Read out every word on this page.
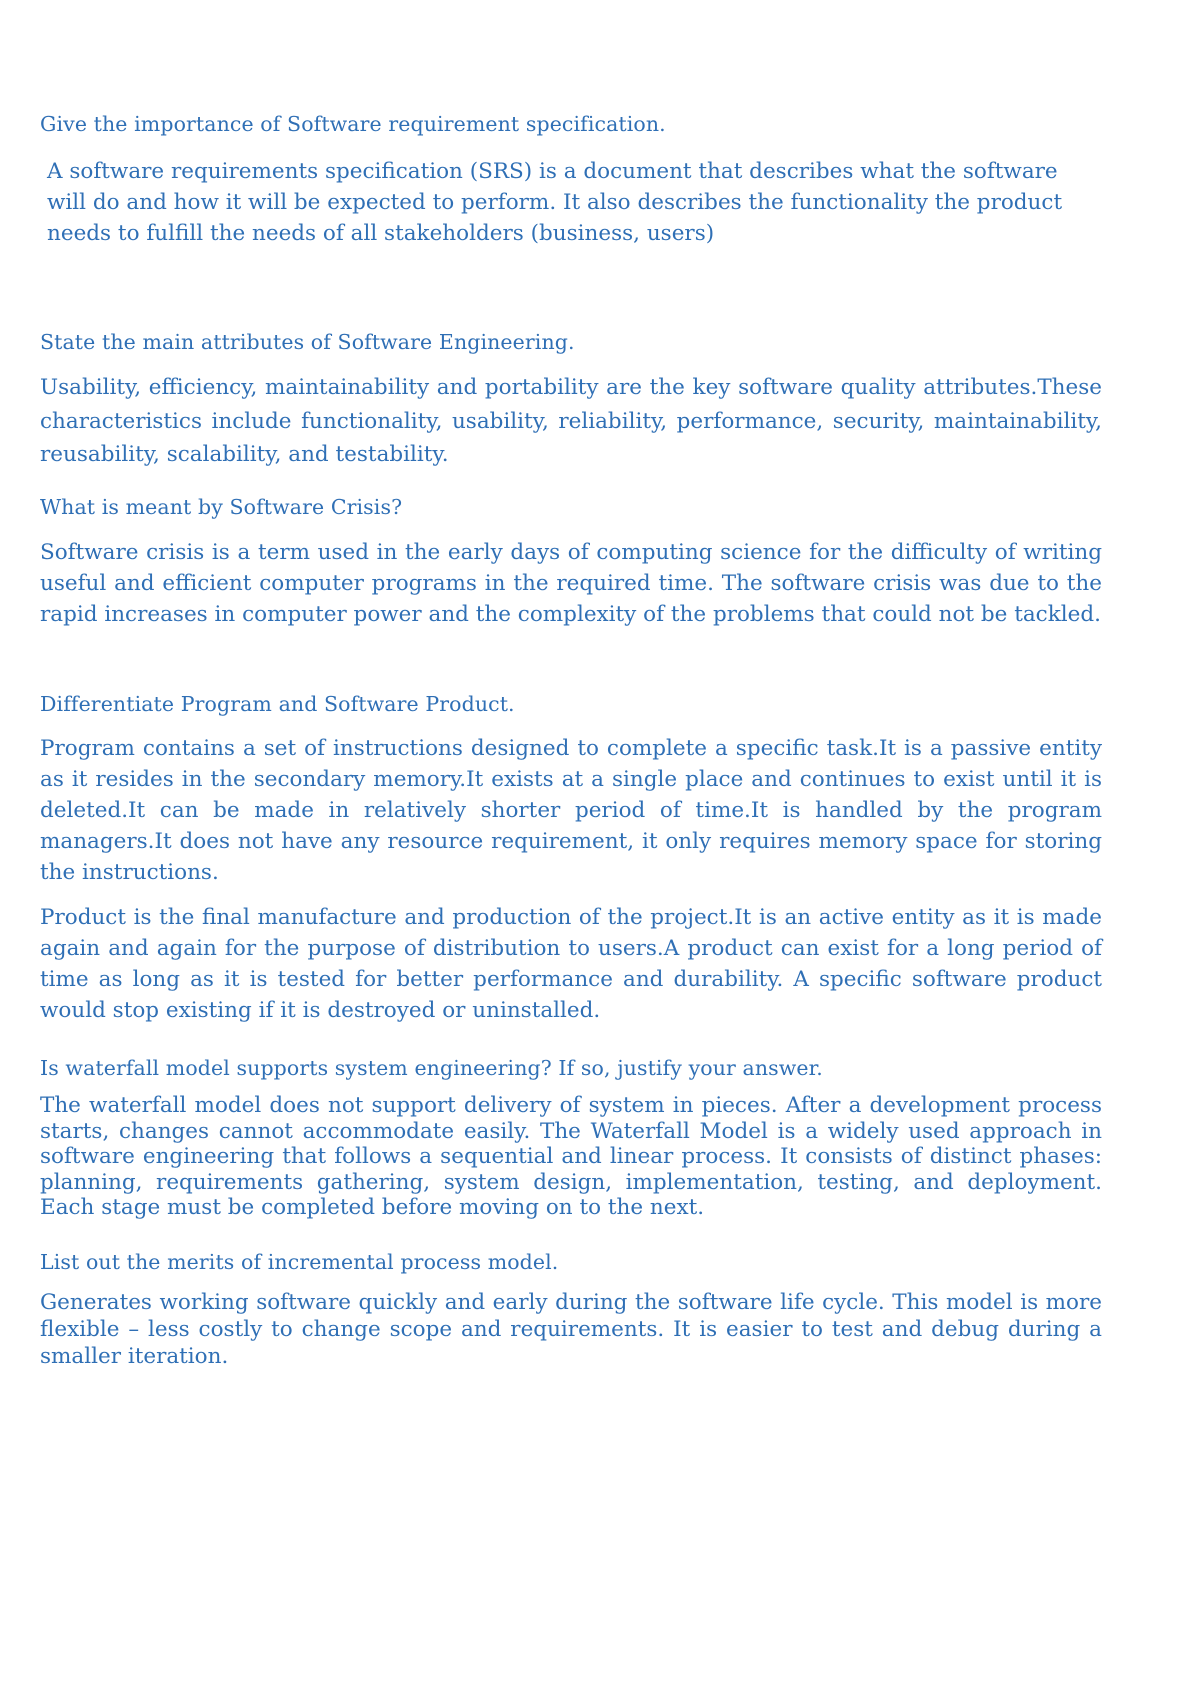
Give the importance of Software requirement specification.
A software requirements specification (SRS) is a document that describes what the software will do and how it will be expected to perform. It also describes the functionality the product needs to fulfill the needs of all stakeholders (business, users)
State the main attributes of Software Engineering.
Usability, efficiency, maintainability and portability are the key software quality attributes.These characteristics include functionality, usability, reliability, performance, security, maintainability, reusability, scalability, and testability.
What is meant by Software Crisis?
Software crisis is a term used in the early days of computing science for the difficulty of writing useful and efficient computer programs in the required time. The software crisis was due to the rapid increases in computer power and the complexity of the problems that could not be tackled.
Differentiate Program and Software Product.
Program contains a set of instructions designed to complete a specific task.It is a passive entity as it resides in the secondary memory.It exists at a single place and continues to exist until it is deleted.It can be made in relatively shorter period of time.It is handled by the program managers.It does not have any resource requirement, it only requires memory space for storing the instructions.
Product is the final manufacture and production of the project.It is an active entity as it is made again and again for the purpose of distribution to users.A product can exist for a long period of time as long as it is tested for better performance and durability. A specific software product would stop existing if it is destroyed or uninstalled.
Is waterfall model supports system engineering? If so, justify your answer.
The waterfall model does not support delivery of system in pieces. After a development process starts, changes cannot accommodate easily. The Waterfall Model is a widely used approach in software engineering that follows a sequential and linear process. It consists of distinct phases: planning, requirements gathering, system design, implementation, testing, and deployment. Each stage must be completed before moving on to the next.
List out the merits of incremental process model.
Generates working software quickly and early during the software life cycle. This model is more flexible – less costly to change scope and requirements. It is easier to test and debug during a smaller iteration.
